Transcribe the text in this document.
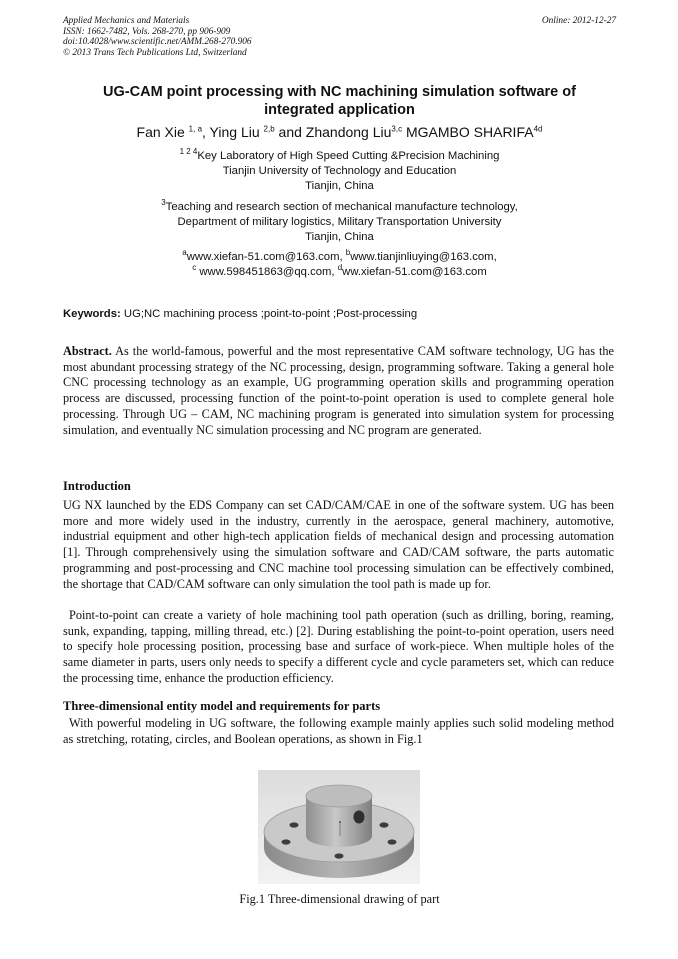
Applied Mechanics and Materials
ISSN: 1662-7482, Vols. 268-270, pp 906-909
doi:10.4028/www.scientific.net/AMM.268-270.906
© 2013 Trans Tech Publications Ltd, Switzerland
Online: 2012-12-27
UG-CAM point processing with NC machining simulation software of
integrated application
Fan Xie $^{1, a}$, Ying Liu $^{2,b}$ and Zhandong Liu$^{3,c}$ MGAMBO $SHARIFA^{4d}$
$^{1 2 4}$Key Laboratory of High Speed Cutting &Precision Machining
Tianjin University of Technology and Education
Tianjin, China
$^3$Teaching and research section of mechanical manufacture technology,
Department of military logistics, Military Transportation University
Tianjin, China
$^a$www.xiefan-51.com@163.com, $^b$www.tianjinliuying@163.com,
$^c$ www.598451863@qq.com, $^d$ww.xiefan-51.com@163.com
Keywords: UG;NC machining process ;point-to-point ;Post-processing
Abstract. As the world-famous, powerful and the most representative CAM software technology, UG has the most abundant processing strategy of the NC processing, design, programming software. Taking a general hole CNC processing technology as an example, UG programming operation skills and programming operation process are discussed, processing function of the point-to-point operation is used to complete general hole processing. Through UG – CAM, NC machining program is generated into simulation system for processing simulation, and eventually NC simulation processing and NC program are generated.
Introduction
UG NX launched by the EDS Company can set CAD/CAM/CAE in one of the software system. UG has been more and more widely used in the industry, currently in the aerospace, general machinery, automotive, industrial equipment and other high-tech application fields of mechanical design and processing automation [1]. Through comprehensively using the simulation software and CAD/CAM software, the parts automatic programming and post-processing and CNC machine tool processing simulation can be effectively combined, the shortage that CAD/CAM software can only simulation the tool path is made up for.
Point-to-point can create a variety of hole machining tool path operation (such as drilling, boring, reaming, sunk, expanding, tapping, milling thread, etc.) [2]. During establishing the point-to-point operation, users need to specify hole processing position, processing base and surface of work-piece. When multiple holes of the same diameter in parts, users only needs to specify a different cycle and cycle parameters set, which can reduce the processing time, enhance the production efficiency.
Three-dimensional entity model and requirements for parts
With powerful modeling in UG software, the following example mainly applies such solid modeling method as stretching, rotating, circles, and Boolean operations, as shown in Fig.1
Fig.1 Three-dimensional drawing of part
